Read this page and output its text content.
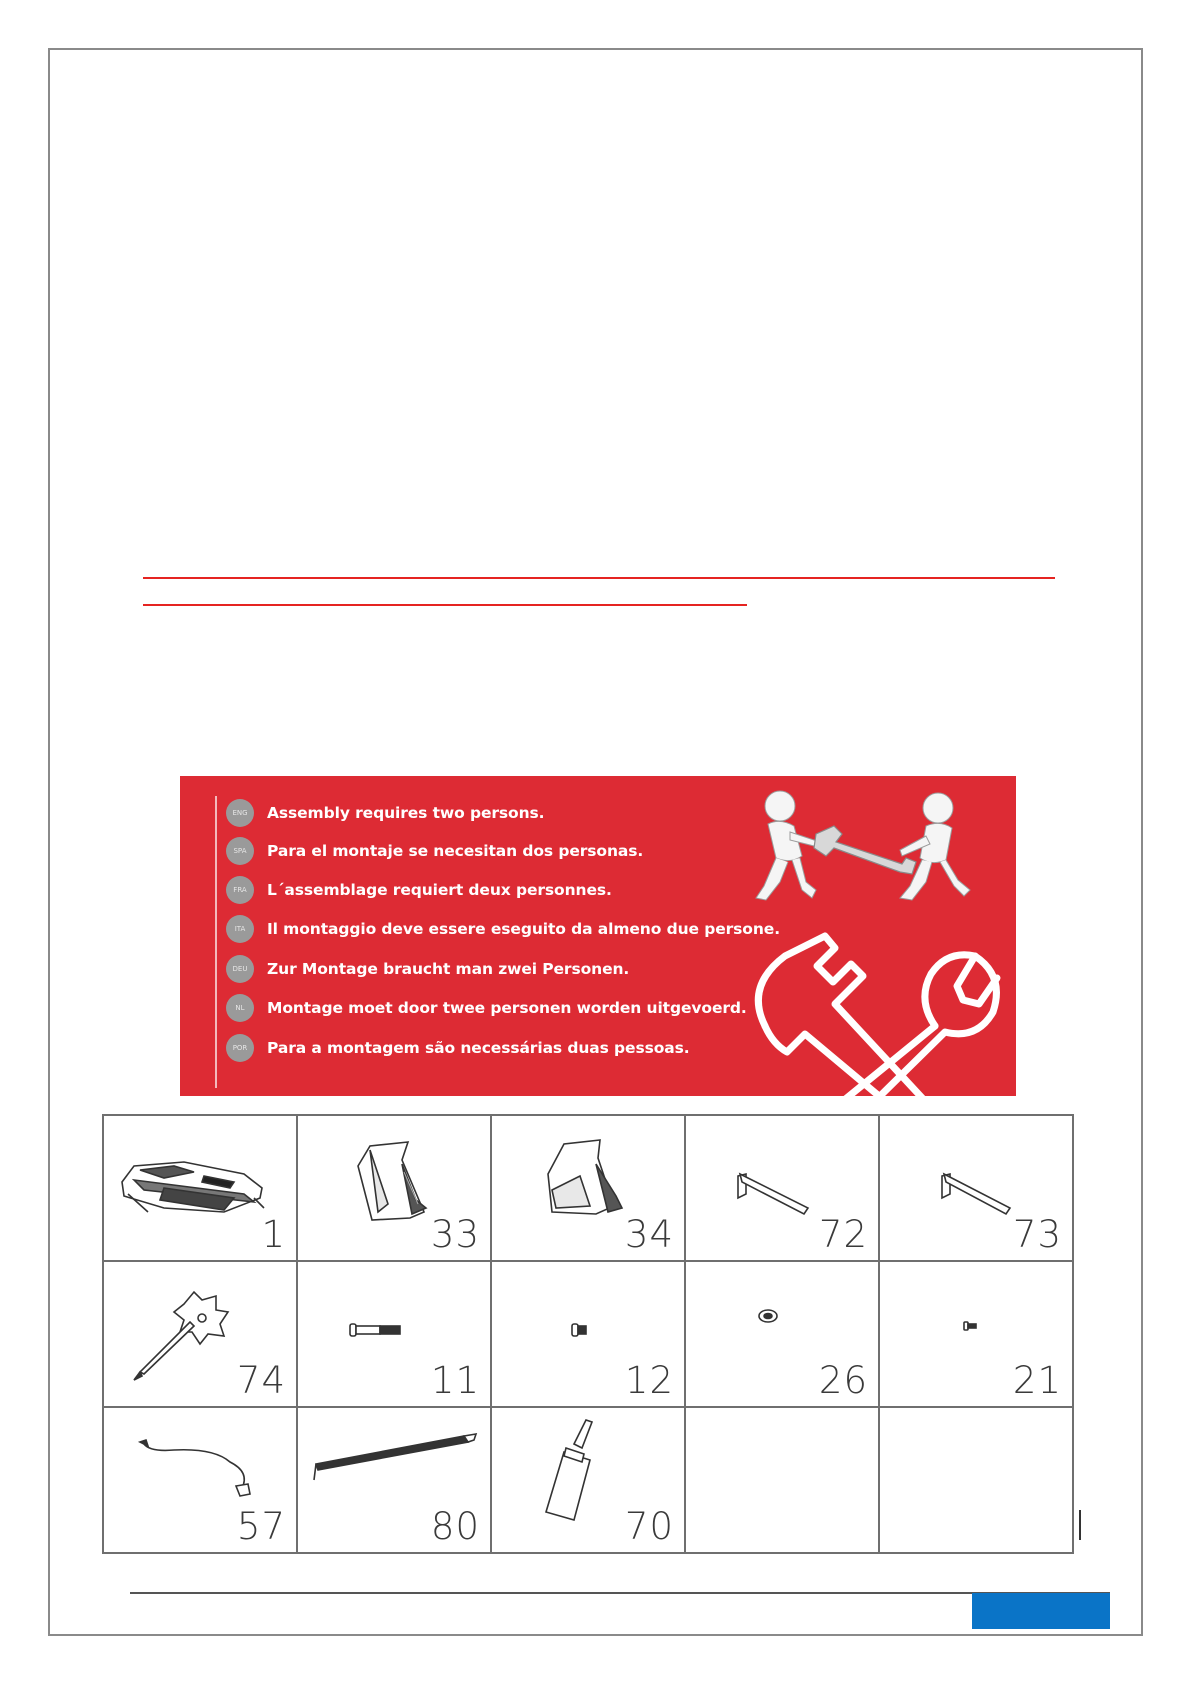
ENG	Assembly requires two persons.
SPA	Para el montaje se necesitan dos personas.
FRA	L´assemblage requiert deux personnes.
ITA	Il montaggio deve essere eseguito da almeno due persone.
DEU	Zur Montage braucht man zwei Personen.
NL	Montage moet door twee personen worden uitgevoerd.
POR	Para a montagem são necessárias duas pessoas.
1	33	34	72	73

74	11	12	26	21

57	80	70		
